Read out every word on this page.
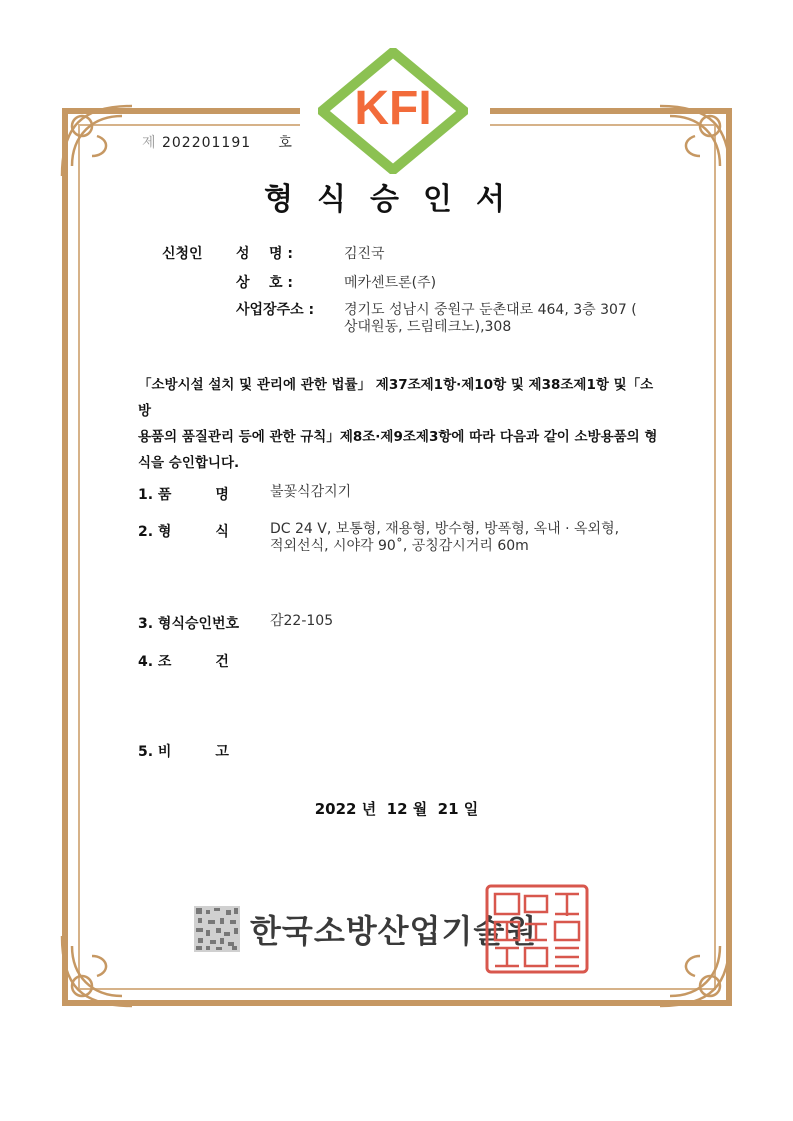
KFI
제 202201191 호
형식승인서
신청인 성    명 :	김진국
상    호 :	메카센트론(주)
사업장주소 : 경기도 성남시 중원구 둔촌대로 464, 3층 307 (
상대원동, 드림테크노),308
「소방시설 설치 및 관리에 관한 법률」 제37조제1항·제10항 및 제38조제1항 및「소방
용품의 품질관리 등에 관한 규칙」제8조·제9조제3항에 따라 다음과 같이 소방용품의 형
식을 승인합니다.
1. 품         명	불꽃식감지기
2. 형         식	DC 24 V, 보통형, 재용형, 방수형, 방폭형, 옥내 · 옥외형,
적외선식, 시야각 90˚, 공칭감시거리 60m
3. 형식승인번호 감22-105
4. 조         건
5. 비         고
2022 년  12 월  21 일
한국소방산업기술원
